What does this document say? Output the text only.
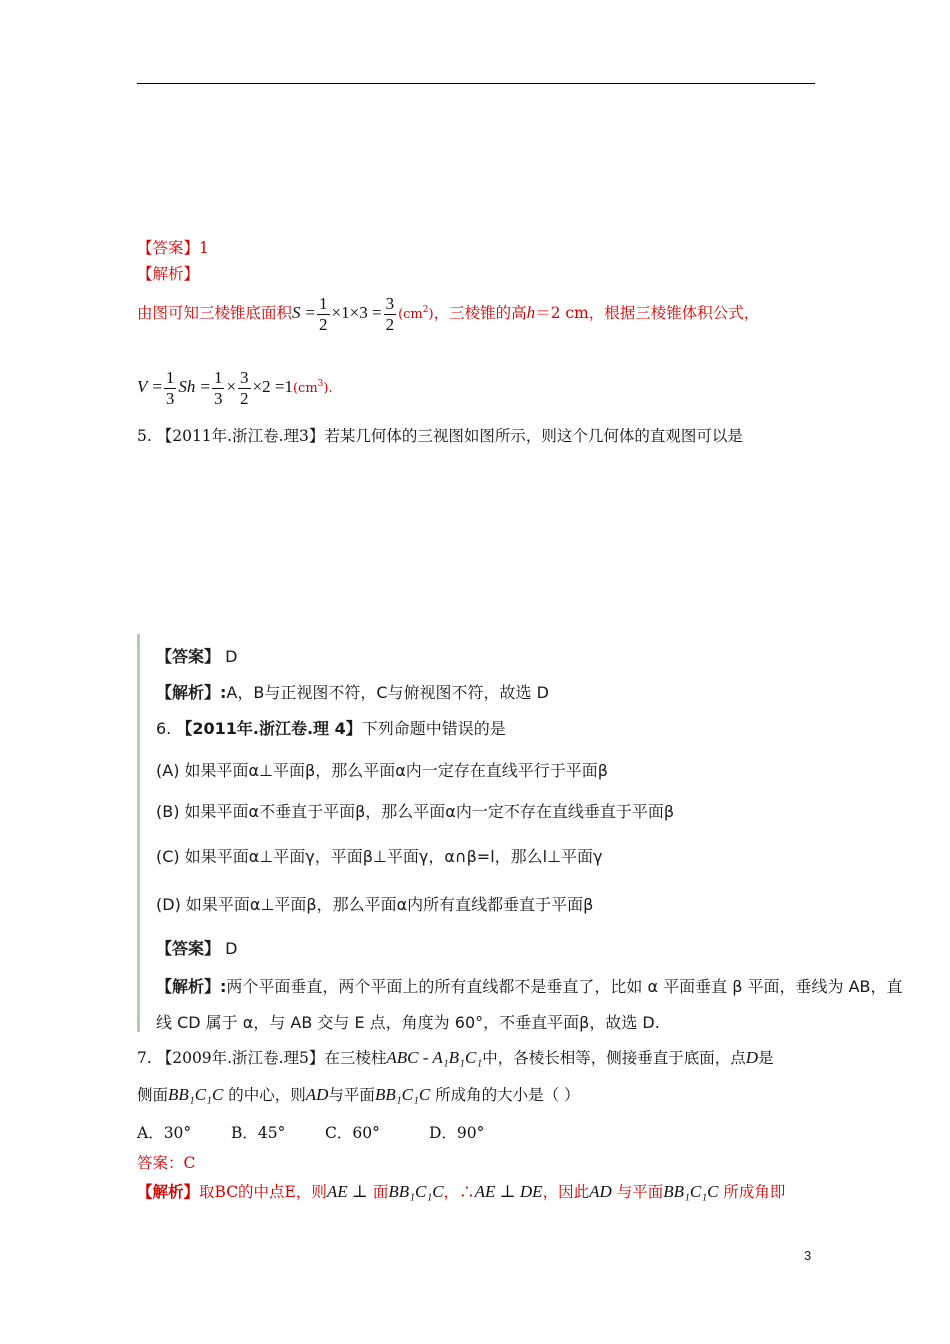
【答案】1
【解析】
由图可知三棱锥底面积$S = \frac{1}{2} \times 1\times 3 = \frac{3}{2} (cm^2)$，三棱锥的高h＝2 cm，根据三棱锥体积公式，
$V = \frac{1}{3}$ $Sh = \frac{1}{3} \times \frac{3}{2} \times 2 =1(cm^3)$.
5. 【2011年.浙江卷.理3】若某几何体的三视图如图所示，则这个几何体的直观图可以是
【答案】 D
【解析】:A，B与正视图不符，C与俯视图不符，故选 D
6. 【2011年.浙江卷.理 4】下列命题中错误的是
(A) 如果平面α⊥平面β，那么平面α内一定存在直线平行于平面β
(B) 如果平面α不垂直于平面β，那么平面α内一定不存在直线垂直于平面β
(C) 如果平面α⊥平面γ，平面β⊥平面γ，α∩β=l，那么l⊥平面γ
(D) 如果平面α⊥平面β，那么平面α内所有直线都垂直于平面β
【答案】 D
【解析】:两个平面垂直，两个平面上的所有直线都不是垂直了，比如 α 平面垂直 β 平面，垂线为 AB，直
线 CD 属于 α，与 AB 交与 E 点，角度为 60°，不垂直平面β，故选 D.
7. 【2009年.浙江卷.理5】在三棱柱ABC - A₁B₁C₁中，各棱长相等，侧接垂直于底面，点D是
侧面BB₁C₁C 的中心，则AD与平面BB₁C₁C 所成角的大小是（ ）
A．30°	B．45°	C．60°	D．90°
答案：C
【解析】取BC的中点E，则AE ⊥ 面BB₁C₁C，∴AE ⊥ DE，因此AD 与平面BB₁C₁C 所成角即
3
